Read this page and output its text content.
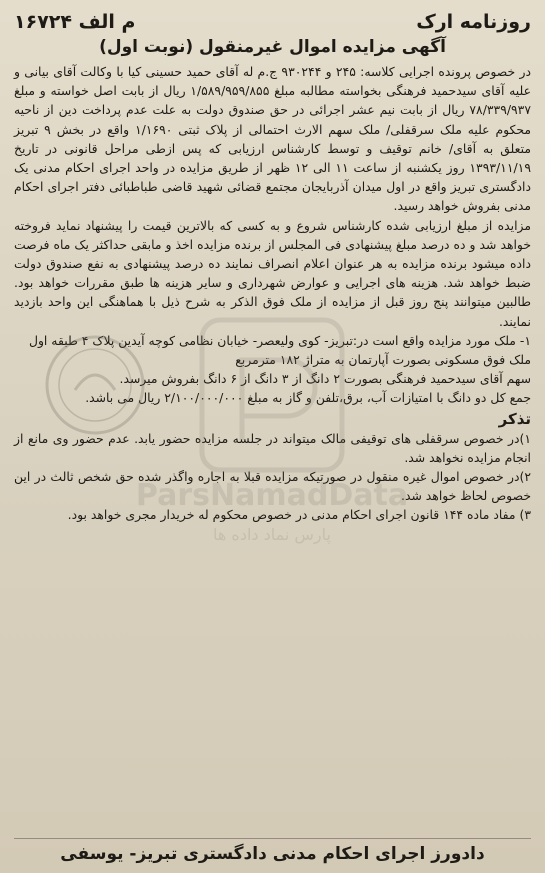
روزنامه ارک
م الف ۱۶۷۲۴
آگهی مزایده اموال غیرمنقول (نوبت اول)

در خصوص پرونده اجرایی کلاسه: ۲۴۵ و ۹۳۰۲۴۴ ج.م له آقای حمید حسینی کیا با وکالت آقای بیانی و علیه آقای سیدحمید فرهنگی بخواسته مطالبه مبلغ ۱/۵۸۹/۹۵۹/۸۵۵ ریال از بابت اصل خواسته و مبلغ ۷۸/۳۳۹/۹۳۷ ریال از بابت نیم عشر اجرائی در حق صندوق دولت به علت عدم پرداخت دین از ناحیه محکوم علیه ملک سرقفلی/ ملک سهم الارث احتمالی از پلاک ثبتی ۱/۱۶۹۰ واقع در بخش ۹ تبریز متعلق به آقای/ خانم توقیف و توسط کارشناس ارزیابی که پس ازطی مراحل قانونی در تاریخ ۱۳۹۳/۱۱/۱۹ روز یکشنبه از ساعت ۱۱ الی ۱۲ ظهر از طریق مزایده در واحد اجرای احکام مدنی یک دادگستری تبریز واقع در اول میدان آذربایجان مجتمع قضائی شهید قاضی طباطبائی دفتر اجرای احکام مدنی بفروش خواهد رسید.

مزایده از مبلغ ارزیابی شده کارشناس شروع و به کسی که بالاترین قیمت را پیشنهاد نماید فروخته خواهد شد و ده درصد مبلغ پیشنهادی فی المجلس از برنده مزایده اخذ و مابقی حداکثر یک ماه فرصت داده میشود برنده مزایده به هر عنوان اعلام انصراف نمایند ده درصد پیشنهادی به نفع صندوق دولت ضبط خواهد شد. هزینه های اجرایی و عوارض شهرداری و سایر هزینه ها طبق مقررات خواهد بود. طالبین میتوانند پنج روز قبل از مزایده از ملک فوق الذکر به شرح ذیل با هماهنگی این واحد بازدید نمایند.

۱- ملک مورد مزایده واقع است در:تبریز- کوی ولیعصر- خیابان نظامی کوچه آیدین پلاک ۴ طبقه اول

ملک فوق مسکونی بصورت آپارتمان به متراژ ۱۸۲ مترمربع

سهم آقای سیدحمید فرهنگی بصورت ۲ دانگ از ۳ دانگ از ۶ دانگ بفروش میرسد.

جمع کل دو دانگ با امتیازات آب، برق،تلفن و گاز به مبلغ ۲/۱۰۰/۰۰۰/۰۰۰ ریال می باشد.

تذکر

۱)در خصوص سرقفلی های توقیفی مالک میتواند در جلسه مزایده حضور یابد. عدم حضور وی مانع از انجام مزایده نخواهد شد.

۲)در خصوص اموال غیره منقول در صورتیکه مزایده قبلا به اجاره واگذر شده حق شخص ثالث در این خصوص لحاظ خواهد شد.

۳) مفاد ماده ۱۴۴ قانون اجرای احکام مدنی در خصوص محکوم له خریدار مجری خواهد بود.

دادورز اجرای احکام مدنی دادگستری تبریز- یوسفی
ParsNamadData
پارس نماد داده ها
